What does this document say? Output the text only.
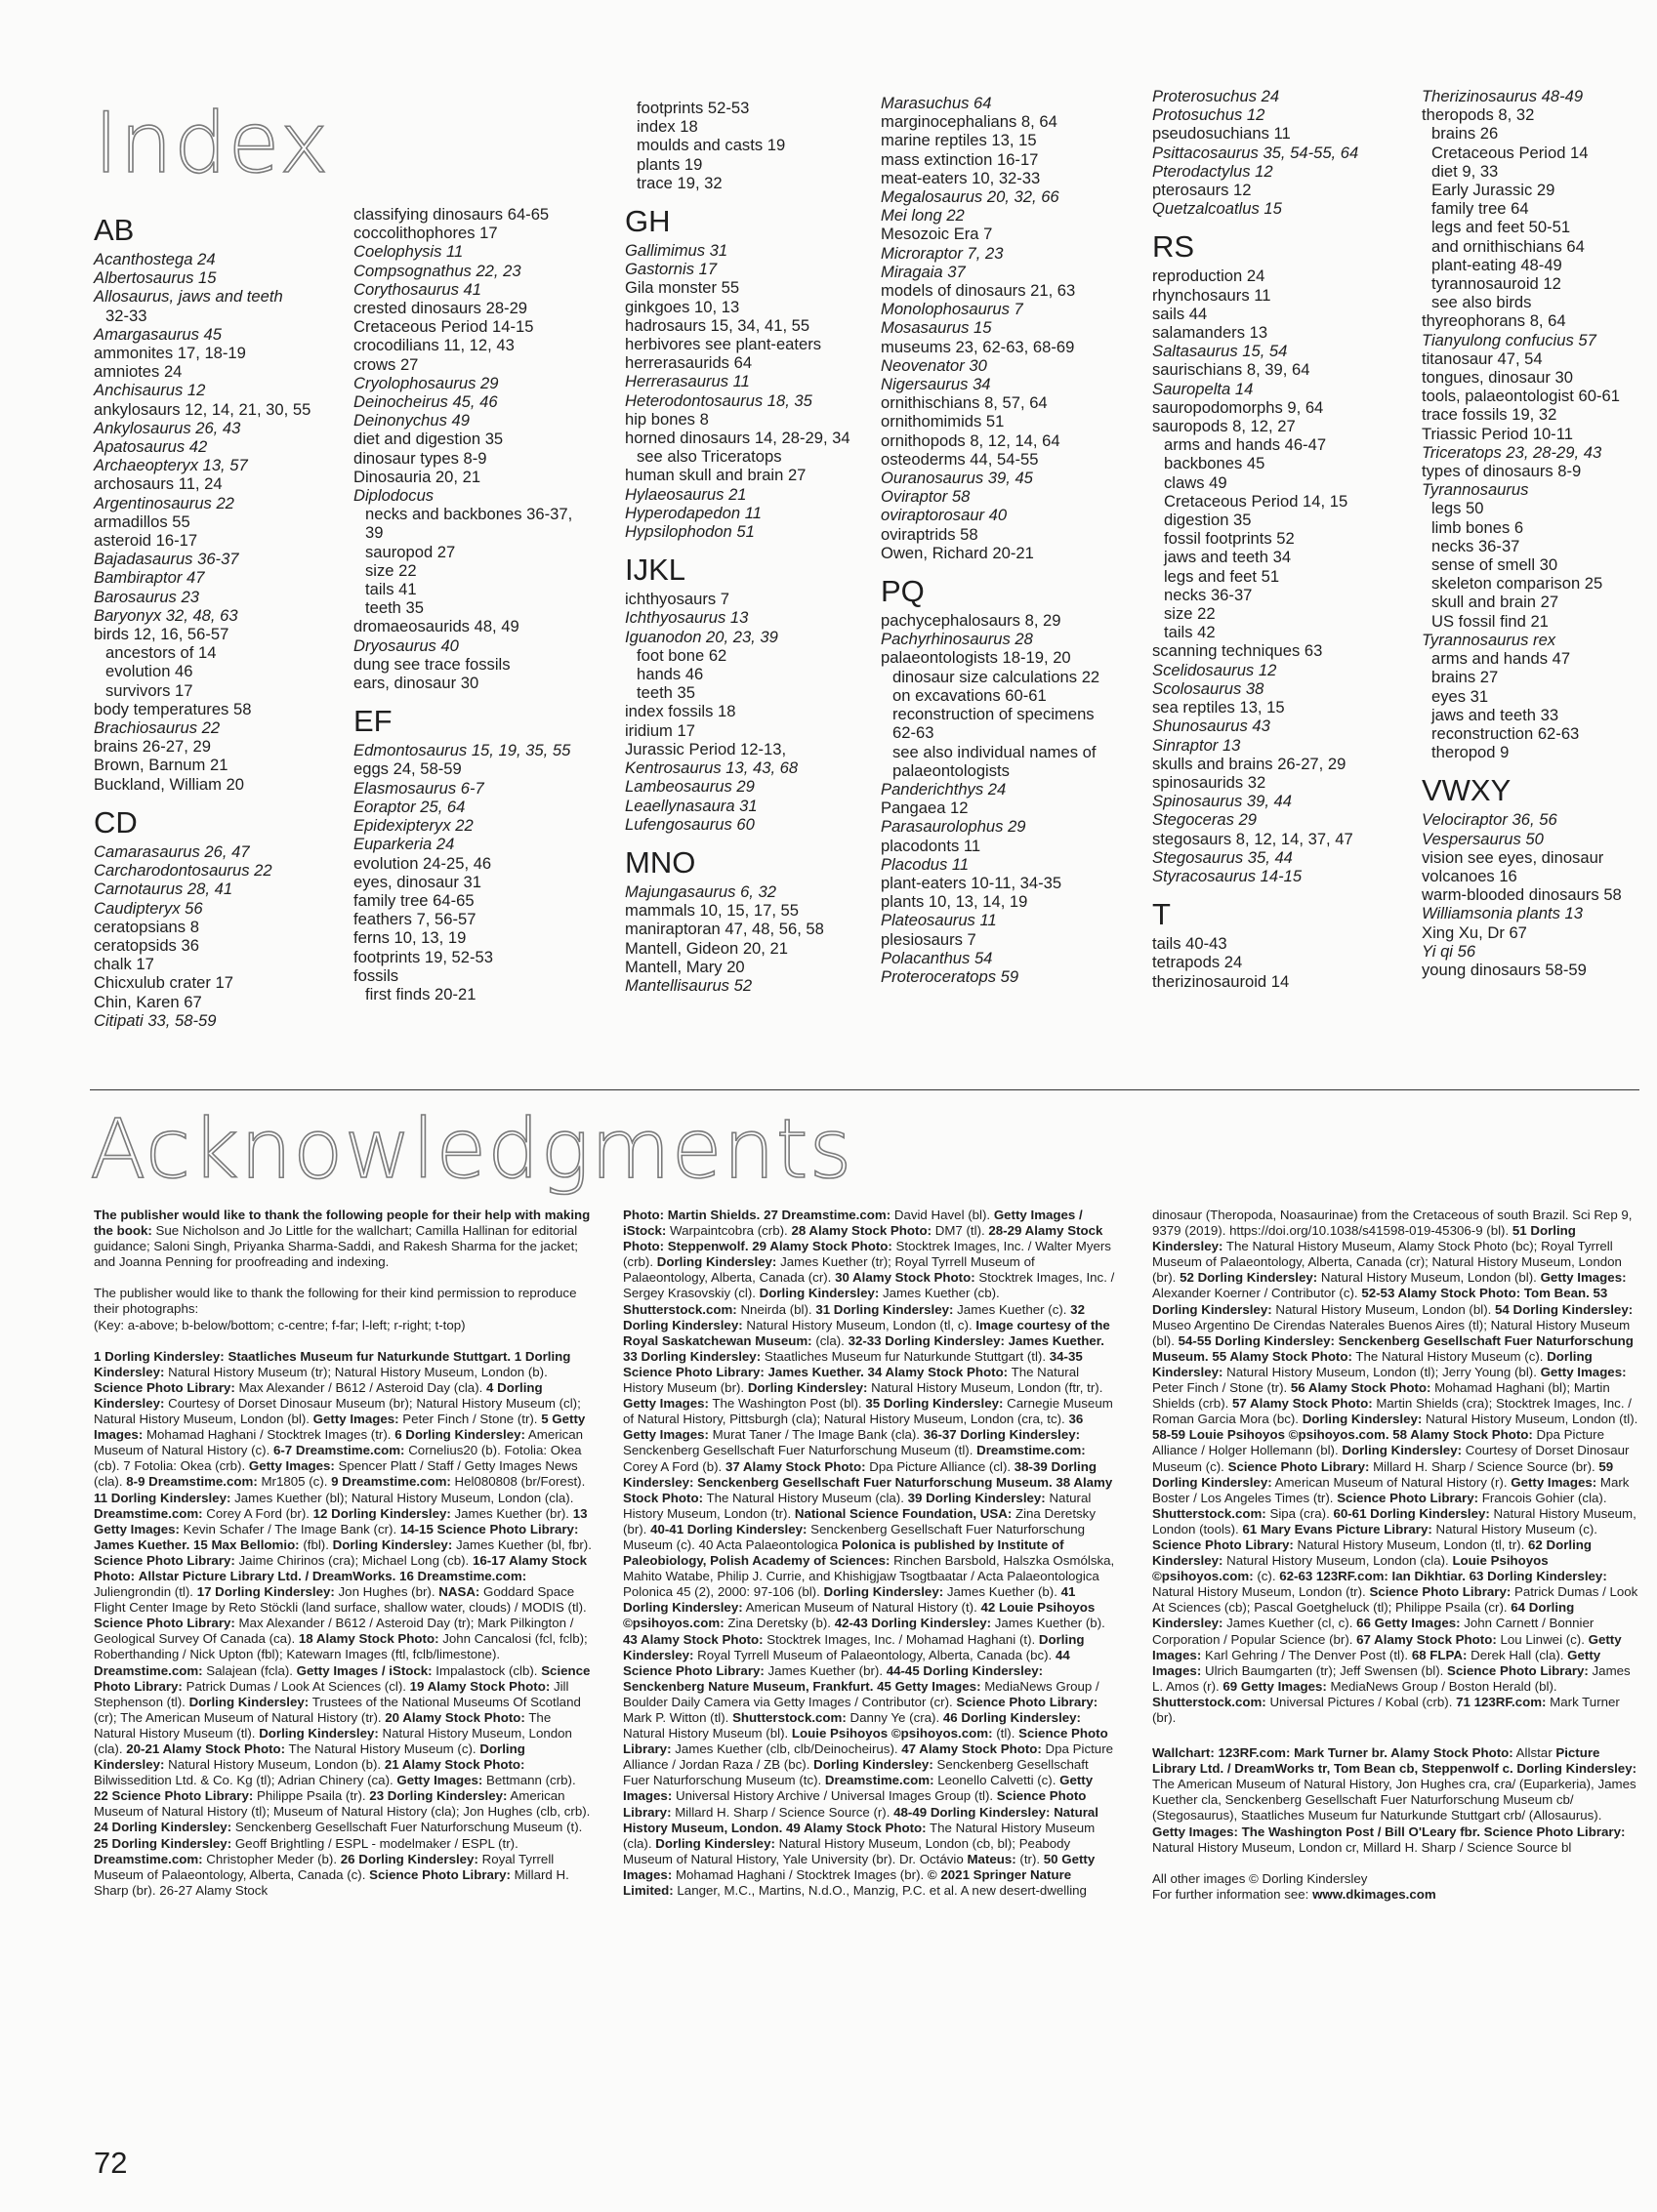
Index
AB
Acanthostega 24
Albertosaurus 15
Allosaurus, jaws and teeth
32-33
Amargasaurus 45
ammonites 17, 18-19
amniotes 24
Anchisaurus 12
ankylosaurs 12, 14, 21, 30, 55
Ankylosaurus 26, 43
Apatosaurus 42
Archaeopteryx 13, 57
archosaurs 11, 24
Argentinosaurus 22
armadillos 55
asteroid 16-17
Bajadasaurus 36-37
Bambiraptor 47
Barosaurus 23
Baryonyx 32, 48, 63
birds 12, 16, 56-57
ancestors of 14
evolution 46
survivors 17
body temperatures 58
Brachiosaurus 22
brains 26-27, 29
Brown, Barnum 21
Buckland, William 20
CD
Camarasaurus 26, 47
Carcharodontosaurus 22
Carnotaurus 28, 41
Caudipteryx 56
ceratopsians 8
ceratopsids 36
chalk 17
Chicxulub crater 17
Chin, Karen 67
Citipati 33, 58-59
classifying dinosaurs 64-65
coccolithophores 17
Coelophysis 11
Compsognathus 22, 23
Corythosaurus 41
crested dinosaurs 28-29
Cretaceous Period 14-15
crocodilians 11, 12, 43
crows 27
Cryolophosaurus 29
Deinocheirus 45, 46
Deinonychus 49
diet and digestion 35
dinosaur types 8-9
Dinosauria 20, 21
Diplodocus
necks and backbones 36-37,
39
sauropod 27
size 22
tails 41
teeth 35
dromaeosaurids 48, 49
Dryosaurus 40
dung see trace fossils
ears, dinosaur 30
EF
Edmontosaurus 15, 19, 35, 55
eggs 24, 58-59
Elasmosaurus 6-7
Eoraptor 25, 64
Epidexipteryx 22
Euparkeria 24
evolution 24-25, 46
eyes, dinosaur 31
family tree 64-65
feathers 7, 56-57
ferns 10, 13, 19
footprints 19, 52-53
fossils
first finds 20-21
footprints 52-53
index 18
moulds and casts 19
plants 19
trace 19, 32
GH
Gallimimus 31
Gastornis 17
Gila monster 55
ginkgoes 10, 13
hadrosaurs 15, 34, 41, 55
herbivores see plant-eaters
herrerasaurids 64
Herrerasaurus 11
Heterodontosaurus 18, 35
hip bones 8
horned dinosaurs 14, 28-29, 34
see also Triceratops
human skull and brain 27
Hylaeosaurus 21
Hyperodapedon 11
Hypsilophodon 51
IJKL
ichthyosaurs 7
Ichthyosaurus 13
Iguanodon 20, 23, 39
foot bone 62
hands 46
teeth 35
index fossils 18
iridium 17
Jurassic Period 12-13,
Kentrosaurus 13, 43, 68
Lambeosaurus 29
Leaellynasaura 31
Lufengosaurus 60
MNO
Majungasaurus 6, 32
mammals 10, 15, 17, 55
maniraptoran 47, 48, 56, 58
Mantell, Gideon 20, 21
Mantell, Mary 20
Mantellisaurus 52
Marasuchus 64
marginocephalians 8, 64
marine reptiles 13, 15
mass extinction 16-17
meat-eaters 10, 32-33
Megalosaurus 20, 32, 66
Mei long 22
Mesozoic Era 7
Microraptor 7, 23
Miragaia 37
models of dinosaurs 21, 63
Monolophosaurus 7
Mosasaurus 15
museums 23, 62-63, 68-69
Neovenator 30
Nigersaurus 34
ornithischians 8, 57, 64
ornithomimids 51
ornithopods 8, 12, 14, 64
osteoderms 44, 54-55
Ouranosaurus 39, 45
Oviraptor 58
oviraptorosaur 40
oviraptrids 58
Owen, Richard 20-21
PQ
pachycephalosaurs 8, 29
Pachyrhinosaurus 28
palaeontologists 18-19, 20
dinosaur size calculations 22
on excavations 60-61
reconstruction of specimens
62-63
see also individual names of
palaeontologists
Panderichthys 24
Pangaea 12
Parasaurolophus 29
placodonts 11
Placodus 11
plant-eaters 10-11, 34-35
plants 10, 13, 14, 19
Plateosaurus 11
plesiosaurs 7
Polacanthus 54
Proteroceratops 59
Proterosuchus 24
Protosuchus 12
pseudosuchians 11
Psittacosaurus 35, 54-55, 64
Pterodactylus 12
pterosaurs 12
Quetzalcoatlus 15
RS
reproduction 24
rhynchosaurs 11
sails 44
salamanders 13
Saltasaurus 15, 54
saurischians 8, 39, 64
Sauropelta 14
sauropodomorphs 9, 64
sauropods 8, 12, 27
arms and hands 46-47
backbones 45
claws 49
Cretaceous Period 14, 15
digestion 35
fossil footprints 52
jaws and teeth 34
legs and feet 51
necks 36-37
size 22
tails 42
scanning techniques 63
Scelidosaurus 12
Scolosaurus 38
sea reptiles 13, 15
Shunosaurus 43
Sinraptor 13
skulls and brains 26-27, 29
spinosaurids 32
Spinosaurus 39, 44
Stegoceras 29
stegosaurs 8, 12, 14, 37, 47
Stegosaurus 35, 44
Styracosaurus 14-15
T
tails 40-43
tetrapods 24
therizinosauroid 14
Therizinosaurus 48-49
theropods 8, 32
brains 26
Cretaceous Period 14
diet 9, 33
Early Jurassic 29
family tree 64
legs and feet 50-51
and ornithischians 64
plant-eating 48-49
tyrannosauroid 12
see also birds
thyreophorans 8, 64
Tianyulong confucius 57
titanosaur 47, 54
tongues, dinosaur 30
tools, palaeontologist 60-61
trace fossils 19, 32
Triassic Period 10-11
Triceratops 23, 28-29, 43
types of dinosaurs 8-9
Tyrannosaurus
legs 50
limb bones 6
necks 36-37
sense of smell 30
skeleton comparison 25
skull and brain 27
US fossil find 21
Tyrannosaurus rex
arms and hands 47
brains 27
eyes 31
jaws and teeth 33
reconstruction 62-63
theropod 9
VWXY
Velociraptor 36, 56
Vespersaurus 50
vision see eyes, dinosaur
volcanoes 16
warm-blooded dinosaurs 58
Williamsonia plants 13
Xing Xu, Dr 67
Yi qi 56
young dinosaurs 58-59
Acknowledgments

The publisher would like to thank the following people for their help with making the book: Sue Nicholson and Jo Little for the wallchart; Camilla Hallinan for editorial guidance; Saloni Singh, Priyanka Sharma-Saddi, and Rakesh Sharma for the jacket; and Joanna Penning for proofreading and indexing.

The publisher would like to thank the following for their kind permission to reproduce their photographs:
(Key: a-above; b-below/bottom; c-centre; f-far; l-left; r-right; t-top)

1 Dorling Kindersley: Staatliches Museum fur Naturkunde Stuttgart. 1 Dorling Kindersley: Natural History Museum (tr); Natural History Museum, London (b). Science Photo Library: Max Alexander / B612 / Asteroid Day (cla). 4 Dorling Kindersley: Courtesy of Dorset Dinosaur Museum (br); Natural History Museum (cl); Natural History Museum, London (bl). Getty Images: Peter Finch / Stone (tr). 5 Getty Images: Mohamad Haghani / Stocktrek Images (tr). 6 Dorling Kindersley: American Museum of Natural History (c). 6-7 Dreamstime.com: Cornelius20 (b). Fotolia: Okea (cb). 7 Fotolia: Okea (crb). Getty Images: Spencer Platt / Staff / Getty Images News (cla). 8-9 Dreamstime.com: Mr1805 (c). 9 Dreamstime.com: Hel080808 (br/Forest). 11 Dorling Kindersley: James Kuether (bl); Natural History Museum, London (cla). Dreamstime.com: Corey A Ford (br). 12 Dorling Kindersley: James Kuether (br). 13 Getty Images: Kevin Schafer / The Image Bank (cr). 14-15 Science Photo Library: James Kuether. 15 Max Bellomio: (fbl). Dorling Kindersley: James Kuether (bl, fbr). Science Photo Library: Jaime Chirinos (cra); Michael Long (cb). 16-17 Alamy Stock Photo: Allstar Picture Library Ltd. / DreamWorks. 16 Dreamstime.com: Juliengrondin (tl). 17 Dorling Kindersley: Jon Hughes (br). NASA: Goddard Space Flight Center Image by Reto Stöckli (land surface, shallow water, clouds) / MODIS (tl). Science Photo Library: Max Alexander / B612 / Asteroid Day (tr); Mark Pilkington / Geological Survey Of Canada (ca). 18 Alamy Stock Photo: John Cancalosi (fcl, fclb); Roberthanding / Nick Upton (fbl); Katewarn Images (ftl, fclb/limestone). Dreamstime.com: Salajean (fcla). Getty Images / iStock: Impalastock (clb). Science Photo Library: Patrick Dumas / Look At Sciences (cl). 19 Alamy Stock Photo: Jill Stephenson (tl). Dorling Kindersley: Trustees of the National Museums Of Scotland (cr); The American Museum of Natural History (tr). 20 Alamy Stock Photo: The Natural History Museum (tl). Dorling Kindersley: Natural History Museum, London (cla). 20-21 Alamy Stock Photo: The Natural History Museum (c). Dorling Kindersley: Natural History Museum, London (b). 21 Alamy Stock Photo: Bilwissedition Ltd. & Co. Kg (tl); Adrian Chinery (ca). Getty Images: Bettmann (crb). 22 Science Photo Library: Philippe Psaila (tr). 23 Dorling Kindersley: American Museum of Natural History (tl); Museum of Natural History (cla); Jon Hughes (clb, crb). 24 Dorling Kindersley: Senckenberg Gesellschaft Fuer Naturforschung Museum (t). 25 Dorling Kindersley: Geoff Brightling / ESPL - modelmaker / ESPL (tr). Dreamstime.com: Christopher Meder (b). 26 Dorling Kindersley: Royal Tyrrell Museum of Palaeontology, Alberta, Canada (c). Science Photo Library: Millard H. Sharp (br). 26-27 Alamy Stock

Photo: Martin Shields. 27 Dreamstime.com: David Havel (bl). Getty Images / iStock: Warpaintcobra (crb). 28 Alamy Stock Photo: DM7 (tl). 28-29 Alamy Stock Photo: Steppenwolf. 29 Alamy Stock Photo: Stocktrek Images, Inc. / Walter Myers (crb). Dorling Kindersley: James Kuether (tr); Royal Tyrrell Museum of Palaeontology, Alberta, Canada (cr). 30 Alamy Stock Photo: Stocktrek Images, Inc. / Sergey Krasovskiy (cl). Dorling Kindersley: James Kuether (cb). Shutterstock.com: Nneirda (bl). 31 Dorling Kindersley: James Kuether (c). 32 Dorling Kindersley: Natural History Museum, London (tl, c). Image courtesy of the Royal Saskatchewan Museum: (cla). 32-33 Dorling Kindersley: James Kuether. 33 Dorling Kindersley: Staatliches Museum fur Naturkunde Stuttgart (tl). 34-35 Science Photo Library: James Kuether. 34 Alamy Stock Photo: The Natural History Museum (br). Dorling Kindersley: Natural History Museum, London (ftr, tr). Getty Images: The Washington Post (bl). 35 Dorling Kindersley: Carnegie Museum of Natural History, Pittsburgh (cla); Natural History Museum, London (cra, tc). 36 Getty Images: Murat Taner / The Image Bank (cla). 36-37 Dorling Kindersley: Senckenberg Gesellschaft Fuer Naturforschung Museum (tl). Dreamstime.com: Corey A Ford (b). 37 Alamy Stock Photo: Dpa Picture Alliance (cl). 38-39 Dorling Kindersley: Senckenberg Gesellschaft Fuer Naturforschung Museum. 38 Alamy Stock Photo: The Natural History Museum (cla). 39 Dorling Kindersley: Natural History Museum, London (tr). National Science Foundation, USA: Zina Deretsky (br). 40-41 Dorling Kindersley: Senckenberg Gesellschaft Fuer Naturforschung Museum (c). 40 Acta Palaeontologica Polonica is published by Institute of Paleobiology, Polish Academy of Sciences: Rinchen Barsbold, Halszka Osmólska, Mahito Watabe, Philip J. Currie, and Khishigjaw Tsogtbaatar / Acta Palaeontologica Polonica 45 (2), 2000: 97-106 (bl). Dorling Kindersley: James Kuether (b). 41 Dorling Kindersley: American Museum of Natural History (t). 42 Louie Psihoyos ©psihoyos.com: Zina Deretsky (b). 42-43 Dorling Kindersley: James Kuether (b). 43 Alamy Stock Photo: Stocktrek Images, Inc. / Mohamad Haghani (t). Dorling Kindersley: Royal Tyrrell Museum of Palaeontology, Alberta, Canada (bc). 44 Science Photo Library: James Kuether (br). 44-45 Dorling Kindersley: Senckenberg Nature Museum, Frankfurt. 45 Getty Images: MediaNews Group / Boulder Daily Camera via Getty Images / Contributor (cr). Science Photo Library: Mark P. Witton (tl). Shutterstock.com: Danny Ye (cra). 46 Dorling Kindersley: Natural History Museum (bl). Louie Psihoyos ©psihoyos.com: (tl). Science Photo Library: James Kuether (clb, clb/Deinocheirus). 47 Alamy Stock Photo: Dpa Picture Alliance / Jordan Raza / ZB (bc). Dorling Kindersley: Senckenberg Gesellschaft Fuer Naturforschung Museum (tc). Dreamstime.com: Leonello Calvetti (c). Getty Images: Universal History Archive / Universal Images Group (tl). Science Photo Library: Millard H. Sharp / Science Source (r). 48-49 Dorling Kindersley: Natural History Museum, London. 49 Alamy Stock Photo: The Natural History Museum (cla). Dorling Kindersley: Natural History Museum, London (cb, bl); Peabody Museum of Natural History, Yale University (br). Dr. Octávio Mateus: (tr). 50 Getty Images: Mohamad Haghani / Stocktrek Images (br). © 2021 Springer Nature Limited: Langer, M.C., Martins, N.d.O., Manzig, P.C. et al. A new desert-dwelling

dinosaur (Theropoda, Noasaurinae) from the Cretaceous of south Brazil. Sci Rep 9, 9379 (2019). https://doi.org/10.1038/s41598-019-45306-9 (bl). 51 Dorling Kindersley: The Natural History Museum, Alamy Stock Photo (bc); Royal Tyrrell Museum of Palaeontology, Alberta, Canada (cr); Natural History Museum, London (br). 52 Dorling Kindersley: Natural History Museum, London (bl). Getty Images: Alexander Koerner / Contributor (c). 52-53 Alamy Stock Photo: Tom Bean. 53 Dorling Kindersley: Natural History Museum, London (bl). 54 Dorling Kindersley: Museo Argentino De Cirendas Naterales Buenos Aires (tl); Natural History Museum (bl). 54-55 Dorling Kindersley: Senckenberg Gesellschaft Fuer Naturforschung Museum. 55 Alamy Stock Photo: The Natural History Museum (c). Dorling Kindersley: Natural History Museum, London (tl); Jerry Young (bl). Getty Images: Peter Finch / Stone (tr). 56 Alamy Stock Photo: Mohamad Haghani (bl); Martin Shields (crb). 57 Alamy Stock Photo: Martin Shields (cra); Stocktrek Images, Inc. / Roman Garcia Mora (bc). Dorling Kindersley: Natural History Museum, London (tl). 58-59 Louie Psihoyos ©psihoyos.com. 58 Alamy Stock Photo: Dpa Picture Alliance / Holger Hollemann (bl). Dorling Kindersley: Courtesy of Dorset Dinosaur Museum (c). Science Photo Library: Millard H. Sharp / Science Source (br). 59 Dorling Kindersley: American Museum of Natural History (r). Getty Images: Mark Boster / Los Angeles Times (tr). Science Photo Library: Francois Gohier (cla). Shutterstock.com: Sipa (cra). 60-61 Dorling Kindersley: Natural History Museum, London (tools). 61 Mary Evans Picture Library: Natural History Museum (c). Science Photo Library: Natural History Museum, London (tl, tr). 62 Dorling Kindersley: Natural History Museum, London (cla). Louie Psihoyos ©psihoyos.com: (c). 62-63 123RF.com: Ian Dikhtiar. 63 Dorling Kindersley: Natural History Museum, London (tr). Science Photo Library: Patrick Dumas / Look At Sciences (cb); Pascal Goetgheluck (tl); Philippe Psaila (cr). 64 Dorling Kindersley: James Kuether (cl, c). 66 Getty Images: John Carnett / Bonnier Corporation / Popular Science (br). 67 Alamy Stock Photo: Lou Linwei (c). Getty Images: Karl Gehring / The Denver Post (tl). 68 FLPA: Derek Hall (cla). Getty Images: Ulrich Baumgarten (tr); Jeff Swensen (bl). Science Photo Library: James L. Amos (r). 69 Getty Images: MediaNews Group / Boston Herald (bl). Shutterstock.com: Universal Pictures / Kobal (crb). 71 123RF.com: Mark Turner (br).

Wallchart: 123RF.com: Mark Turner br. Alamy Stock Photo: Allstar Picture Library Ltd. / DreamWorks tr, Tom Bean cb, Steppenwolf c. Dorling Kindersley: The American Museum of Natural History, Jon Hughes cra, cra/ (Euparkeria), James Kuether cla, Senckenberg Gesellschaft Fuer Naturforschung Museum cb/ (Stegosaurus), Staatliches Museum fur Naturkunde Stuttgart crb/ (Allosaurus). Getty Images: The Washington Post / Bill O'Leary fbr. Science Photo Library: Natural History Museum, London cr, Millard H. Sharp / Science Source bl

All other images © Dorling Kindersley
For further information see: www.dkimages.com

72
